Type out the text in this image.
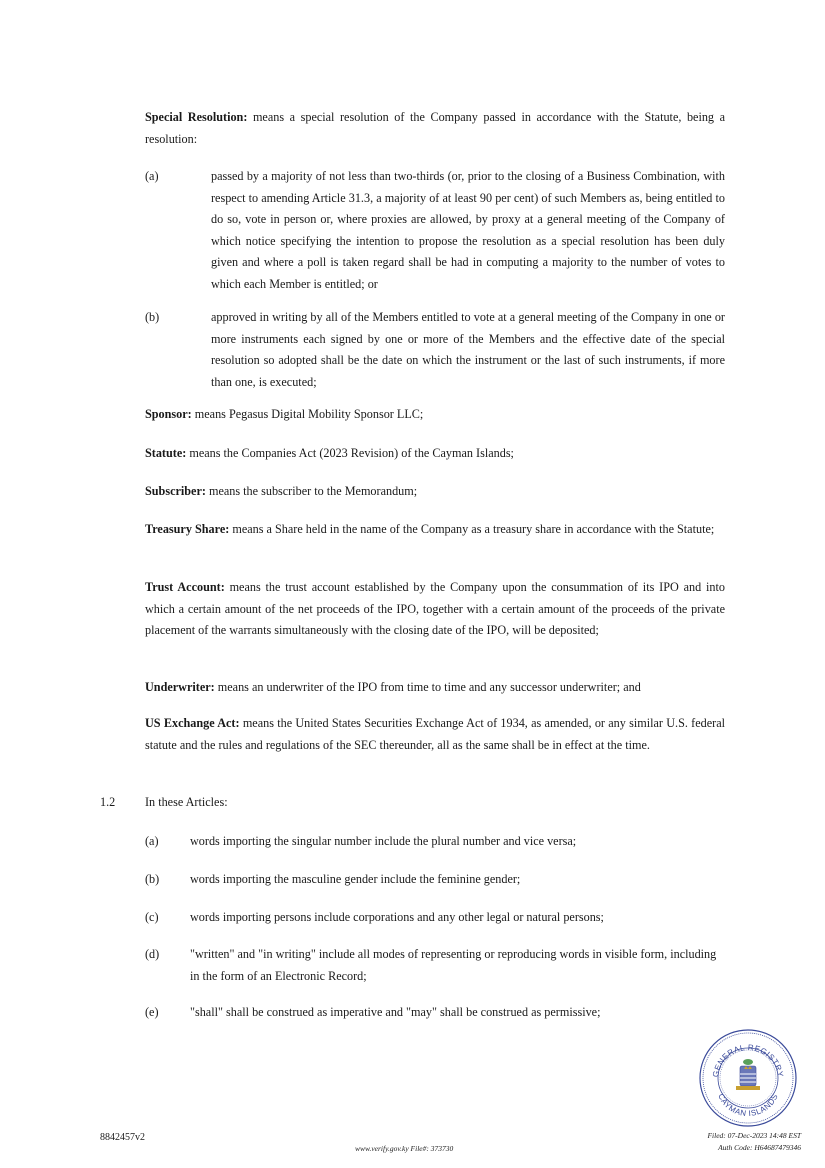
Special Resolution: means a special resolution of the Company passed in accordance with the Statute, being a resolution:

(a)	passed by a majority of not less than two-thirds (or, prior to the closing of a Business Combination, with respect to amending Article 31.3, a majority of at least 90 per cent) of such Members as, being entitled to do so, vote in person or, where proxies are allowed, by proxy at a general meeting of the Company of which notice specifying the intention to propose the resolution as a special resolution has been duly given and where a poll is taken regard shall be had in computing a majority to the number of votes to which each Member is entitled; or
(b)	approved in writing by all of the Members entitled to vote at a general meeting of the Company in one or more instruments each signed by one or more of the Members and the effective date of the special resolution so adopted shall be the date on which the instrument or the last of such instruments, if more than one, is executed;

Sponsor: means Pegasus Digital Mobility Sponsor LLC;

Statute: means the Companies Act (2023 Revision) of the Cayman Islands;

Subscriber: means the subscriber to the Memorandum;

Treasury Share: means a Share held in the name of the Company as a treasury share in accordance with the Statute;

Trust Account: means the trust account established by the Company upon the consummation of its IPO and into which a certain amount of the net proceeds of the IPO, together with a certain amount of the proceeds of the private placement of the warrants simultaneously with the closing date of the IPO, will be deposited;

Underwriter: means an underwriter of the IPO from time to time and any successor underwriter; and

US Exchange Act: means the United States Securities Exchange Act of 1934, as amended, or any similar U.S. federal statute and the rules and regulations of the SEC thereunder, all as the same shall be in effect at the time.

1.2 In these Articles:
(a)	words importing the singular number include the plural number and vice versa;
(b)	words importing the masculine gender include the feminine gender;
(c)	words importing persons include corporations and any other legal or natural persons;
(d)	"written" and "in writing" include all modes of representing or reproducing words in visible form, including in the form of an Electronic Record;
(e)	"shall" shall be construed as imperative and "may" shall be construed as permissive;
GENERAL REGISTRY
CAYMAN ISLANDS
8842457v2
www.verify.gov.ky File#: 373730
Filed: 07-Dec-2023 14:48 EST
Auth Code: H64687479346
